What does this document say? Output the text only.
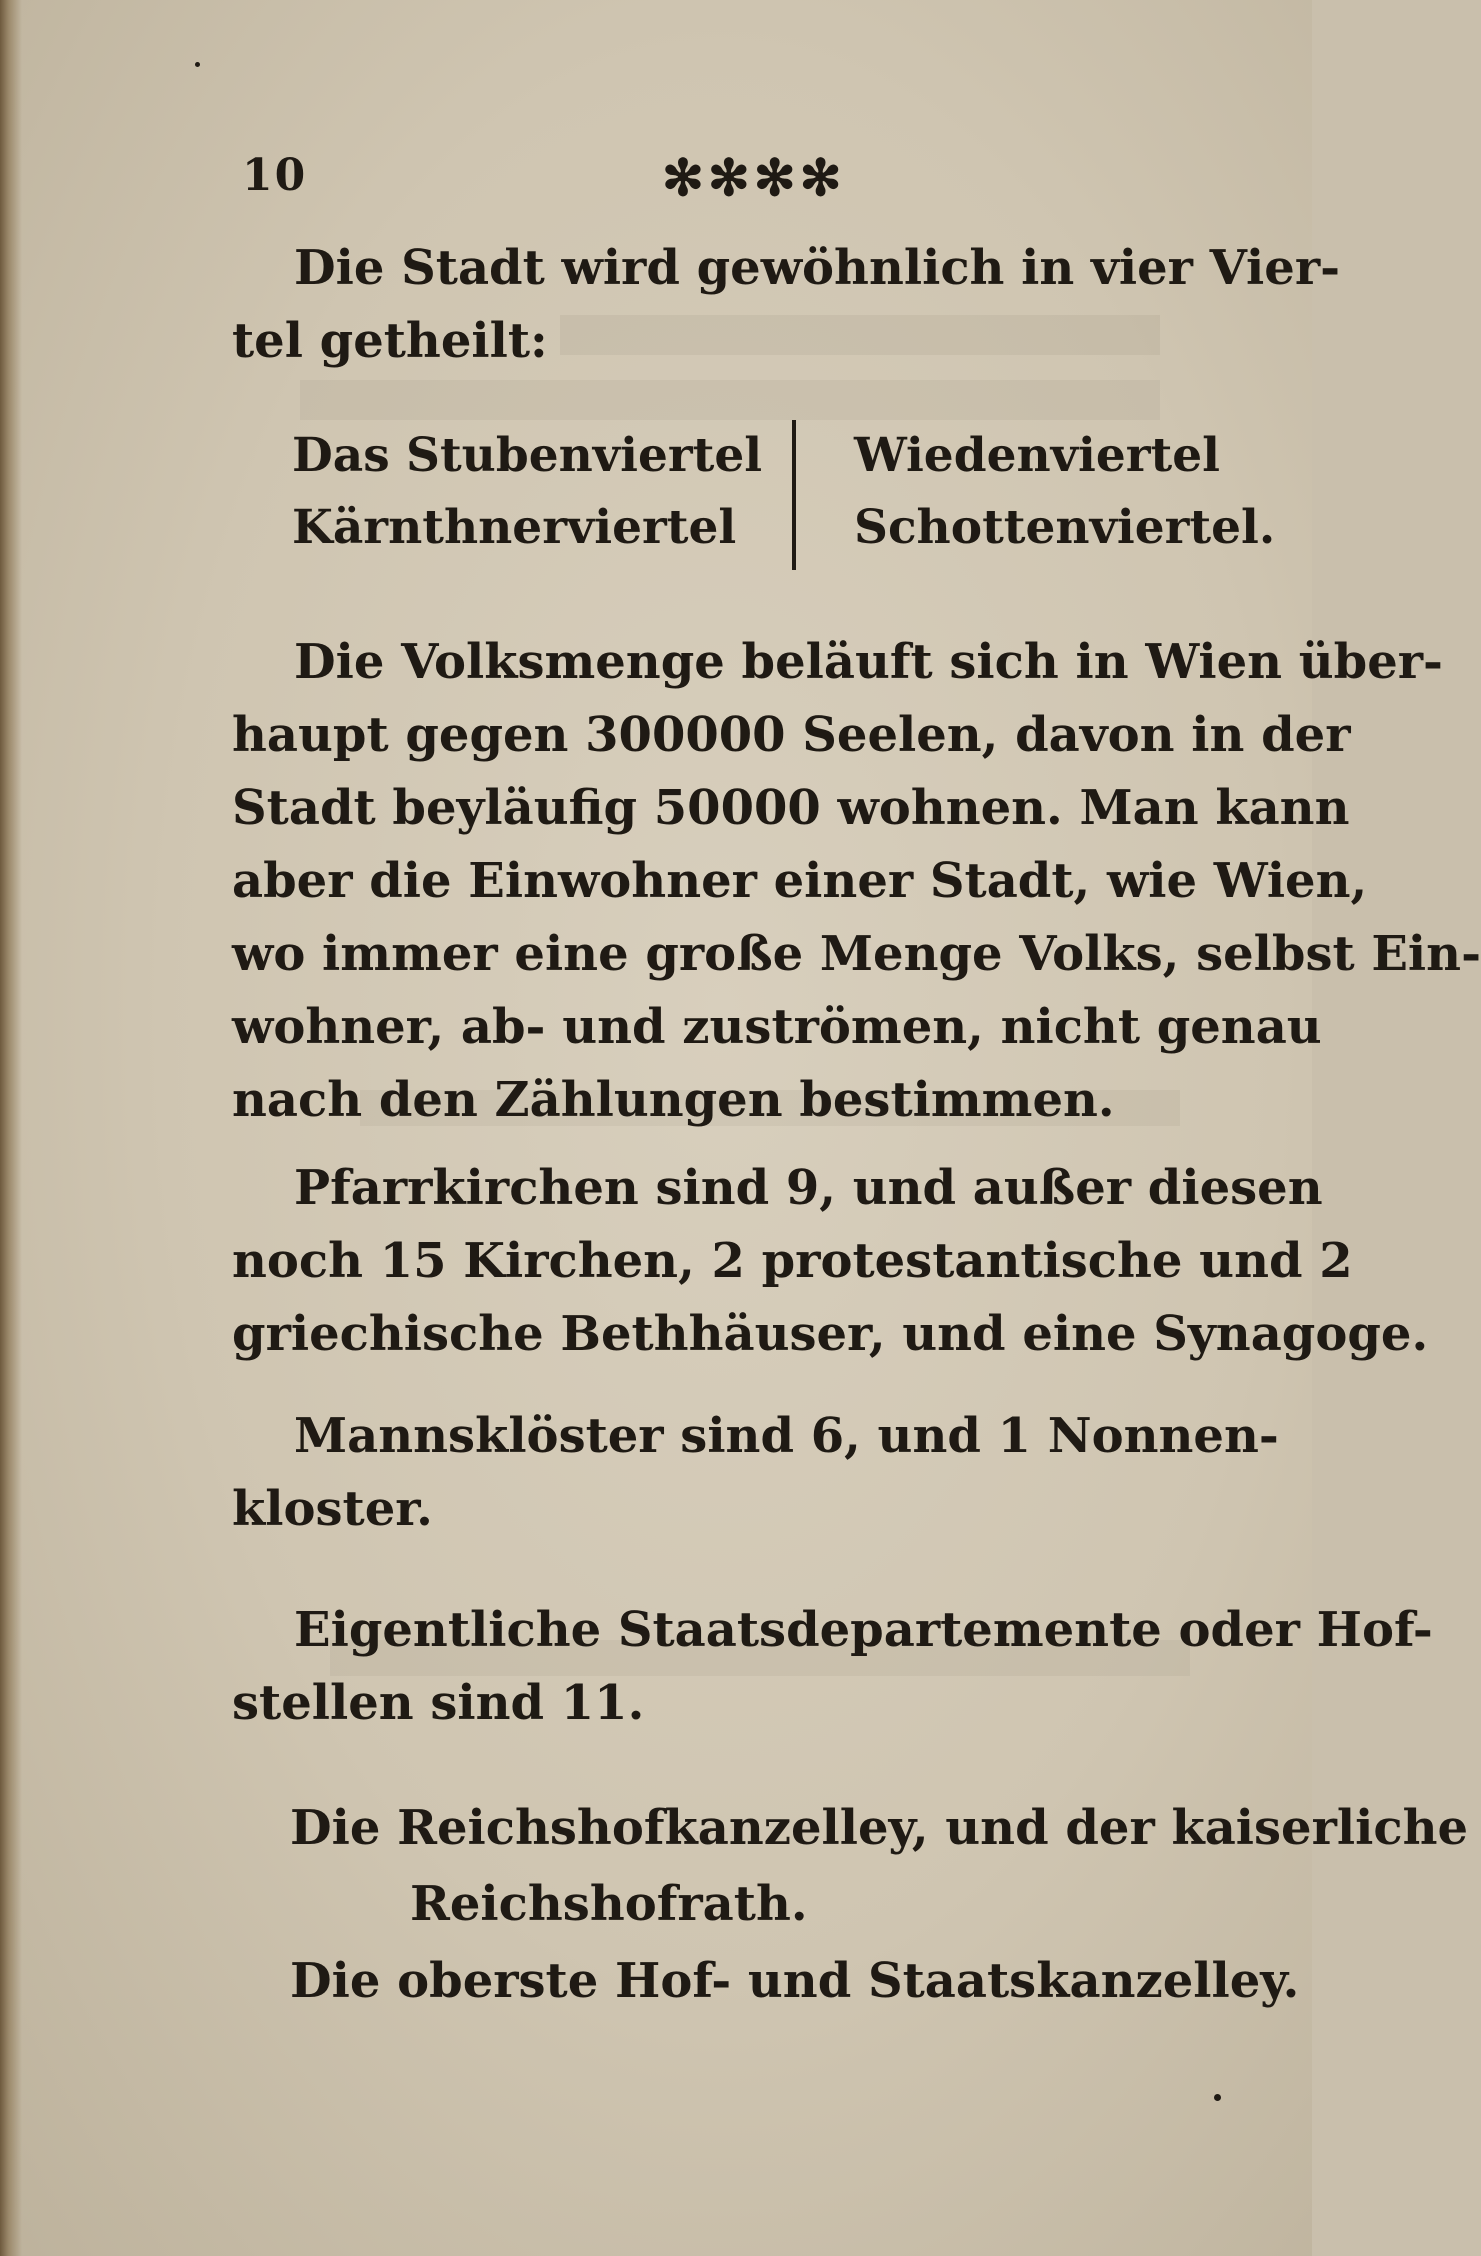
10	✻✻✻✻
Die Stadt wird gewöhnlich in vier Vier-
tel getheilt:
Das Stubenviertel
Kärnthnerviertel
Wiedenviertel
Schottenviertel.
Die Volksmenge beläuft sich in Wien über-
haupt gegen 300000 Seelen, davon in der
Stadt beyläufig 50000 wohnen. Man kann
aber die Einwohner einer Stadt, wie Wien,
wo immer eine große Menge Volks, selbst Ein-
wohner, ab- und zuströmen, nicht genau
nach den Zählungen bestimmen.
Pfarrkirchen sind 9, und außer diesen
noch 15 Kirchen, 2 protestantische und 2
griechische Bethhäuser, und eine Synagoge.
Mannsklöster sind 6, und 1 Nonnen-
kloster.
Eigentliche Staatsdepartemente oder Hof-
stellen sind 11.
Die Reichshofkanzelley, und der kaiserliche
Reichshofrath.
Die oberste Hof- und Staatskanzelley.
